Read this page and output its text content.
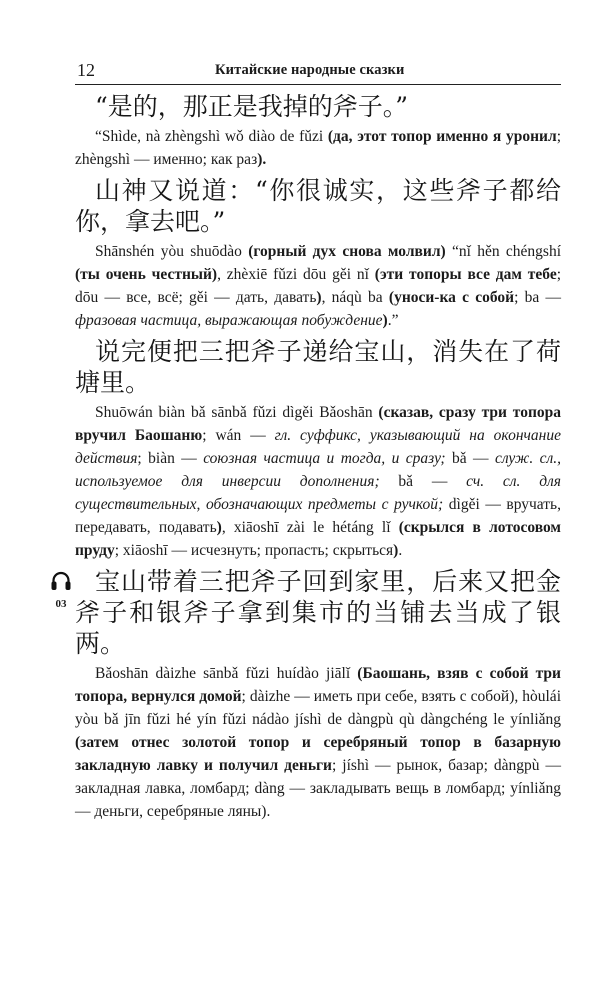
12	Китайские народные сказки

“是的，那正是我掉的斧子。”

“Shìde, nà zhèngshì wǒ diào de fǔzi (да, этот топор именно я уронил; zhèngshì — именно; как раз).

山神又说道：“你很诚实，这些斧子都给你，拿去吧。”

Shānshén yòu shuōdào (горный дух снова молвил) “nǐ hěn chéngshí (ты очень честный), zhèxiē fǔzi dōu gěi nǐ (эти топоры все дам тебе; dōu — все, всё; gěi — дать, давать), náqù ba (уноси-ка с собой; ba — фразовая частица, выражающая побуждение).”

说完便把三把斧子递给宝山，消失在了荷塘里。

Shuōwán biàn bǎ sānbǎ fǔzi dìgěi Bǎoshān (сказав, сразу три топора вручил Баошаню; wán — гл. суффикс, указывающий на окончание действия; biàn — союзная частица и тогда, и сразу; bǎ — служ. сл., используемое для инверсии дополнения; bǎ — сч. сл. для существительных, обозначающих предметы с ручкой; dìgěi — вручать, передавать, подавать), xiāoshī zài le hétáng lǐ (скрылся в лотосовом пруду; xiāoshī — исчезнуть; пропасть; скрыться).

03

宝山带着三把斧子回到家里，后来又把金斧子和银斧子拿到集市的当铺去当成了银两。

Bǎoshān dàizhe sānbǎ fǔzi huídào jiālǐ (Баошань, взяв с собой три топора, вернулся домой; dàizhe — иметь при себе, взять с собой), hòulái yòu bǎ jīn fǔzi hé yín fǔzi nádào jíshì de dàngpù qù dàngchéng le yínliǎng (затем отнес золотой топор и серебряный топор в базарную закладную лавку и получил деньги; jíshì — рынок, базар; dàngpù — закладная лавка, ломбард; dàng — закладывать вещь в ломбард; yínliǎng — деньги, серебряные ляны).
